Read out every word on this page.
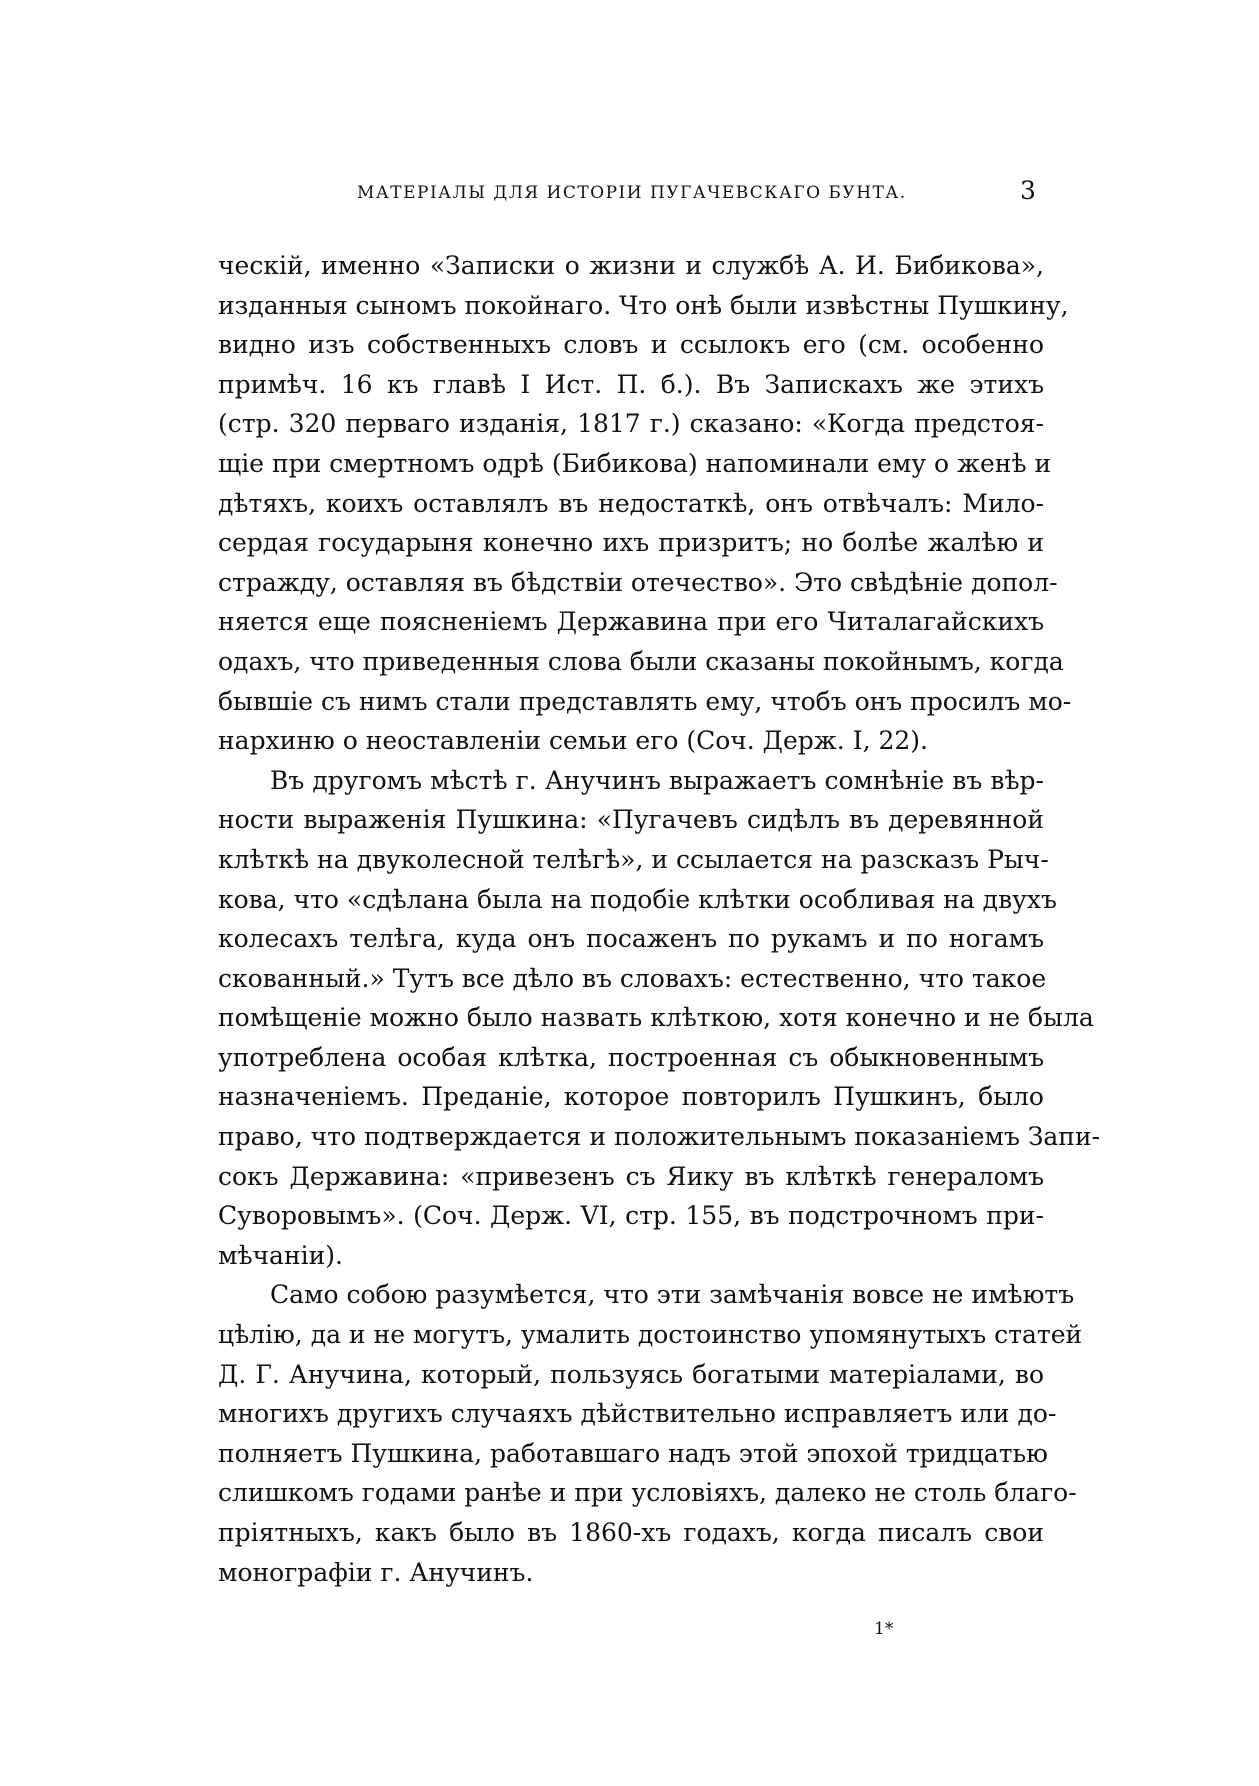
МАТЕРІАЛЫ ДЛЯ ИСТОРІИ ПУГАЧЕВСКАГО БУНТА.	3
ческій, именно «Записки о жизни и службѣ А. И. Бибикова»,
изданныя сыномъ покойнаго. Что онѣ были извѣстны Пушкину,
видно изъ собственныхъ словъ и ссылокъ его (см. особенно
примѣч. 16 къ главѣ I Ист. П. б.). Въ Запискахъ же этихъ
(стр. 320 перваго изданія, 1817 г.) сказано: «Когда предстоя-
щіе при смертномъ одрѣ (Бибикова) напоминали ему о женѣ и
дѣтяхъ, коихъ оставлялъ въ недостаткѣ, онъ отвѣчалъ: Мило-
сердая государыня конечно ихъ призритъ; но болѣе жалѣю и
стражду, оставляя въ бѣдствіи отечество». Это свѣдѣніе допол-
няется еще поясненіемъ Державина при его Читалагайскихъ
одахъ, что приведенныя слова были сказаны покойнымъ, когда
бывшіе съ нимъ стали представлять ему, чтобъ онъ просилъ мо-
нархиню о неоставленіи семьи его (Соч. Держ. I, 22).
Въ другомъ мѣстѣ г. Анучинъ выражаетъ сомнѣніе въ вѣр-
ности выраженія Пушкина: «Пугачевъ сидѣлъ въ деревянной
клѣткѣ на двуколесной телѣгѣ», и ссылается на разсказъ Рыч-
кова, что «сдѣлана была на подобіе клѣтки особливая на двухъ
колесахъ телѣга, куда онъ посаженъ по рукамъ и по ногамъ
скованный.» Тутъ все дѣло въ словахъ: естественно, что такое
помѣщеніе можно было назвать клѣткою, хотя конечно и не была
употреблена особая клѣтка, построенная съ обыкновеннымъ
назначеніемъ. Преданіе, которое повторилъ Пушкинъ, было
право, что подтверждается и положительнымъ показаніемъ Запи-
сокъ Державина: «привезенъ съ Яику въ клѣткѣ генераломъ
Суворовымъ». (Соч. Держ. VI, стр. 155, въ подстрочномъ при-
мѣчаніи).
Само собою разумѣется, что эти замѣчанія вовсе не имѣютъ
цѣлію, да и не могутъ, умалить достоинство упомянутыхъ статей
Д. Г. Анучина, который, пользуясь богатыми матеріалами, во
многихъ другихъ случаяхъ дѣйствительно исправляетъ или до-
полняетъ Пушкина, работавшаго надъ этой эпохой тридцатью
слишкомъ годами ранѣе и при условіяхъ, далеко не столь благо-
пріятныхъ, какъ было въ 1860-хъ годахъ, когда писалъ свои
монографіи г. Анучинъ.
1*
